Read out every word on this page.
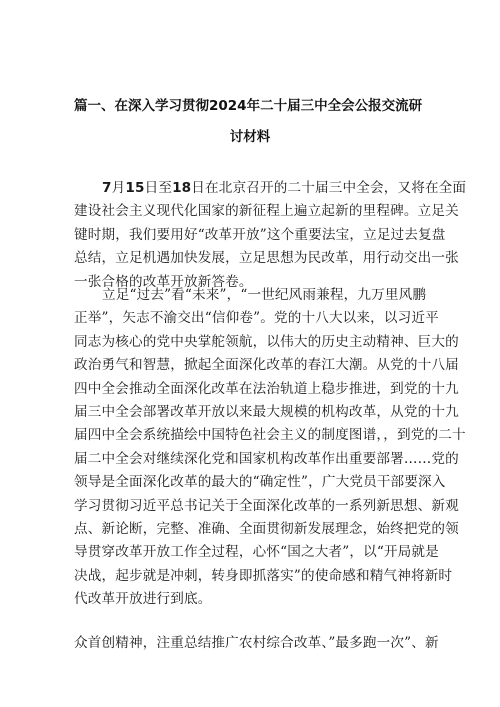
篇一、在深入学习贯彻2024年二十届三中全会公报交流研
讨材料
7月15日至18日在北京召开的二十届三中全会，又将在全面
建设社会主义现代化国家的新征程上遍立起新的里程碑。立足关
键时期，我们要用好“改革开放”这个重要法宝，立足过去复盘
总结，立足机遇加快发展，立足思想为民改革，用行动交出一张
一张合格的改革开放新答卷。
立足“过去”看“未来”，“一世纪风雨兼程，九万里风鹏
正举”，矢志不渝交出“信仰卷”。党的十八大以来，以习近平
同志为核心的党中央掌舵领航，以伟大的历史主动精神、巨大的
政治勇气和智慧，掀起全面深化改革的春江大潮。从党的十八届
四中全会推动全面深化改革在法治轨道上稳步推进，到党的十九
届三中全会部署改革开放以来最大规模的机构改革，从党的十九
届四中全会系统描绘中国特色社会主义的制度图谱，，到党的二十
届二中全会对继续深化党和国家机构改革作出重要部署……党的
领导是全面深化改革的最大的“确定性”，广大党员干部要深入
学习贯彻习近平总书记关于全面深化改革的一系列新思想、新观
点、新论断，完整、准确、全面贯彻新发展理念，始终把党的领
导贯穿改革开放工作全过程，心怀“国之大者”，以“开局就是
决战，起步就是冲刺，转身即抓落实”的使命感和精气神将新时
代改革开放进行到底。
众首创精神，注重总结推广农村综合改革、”最多跑一次”、新
